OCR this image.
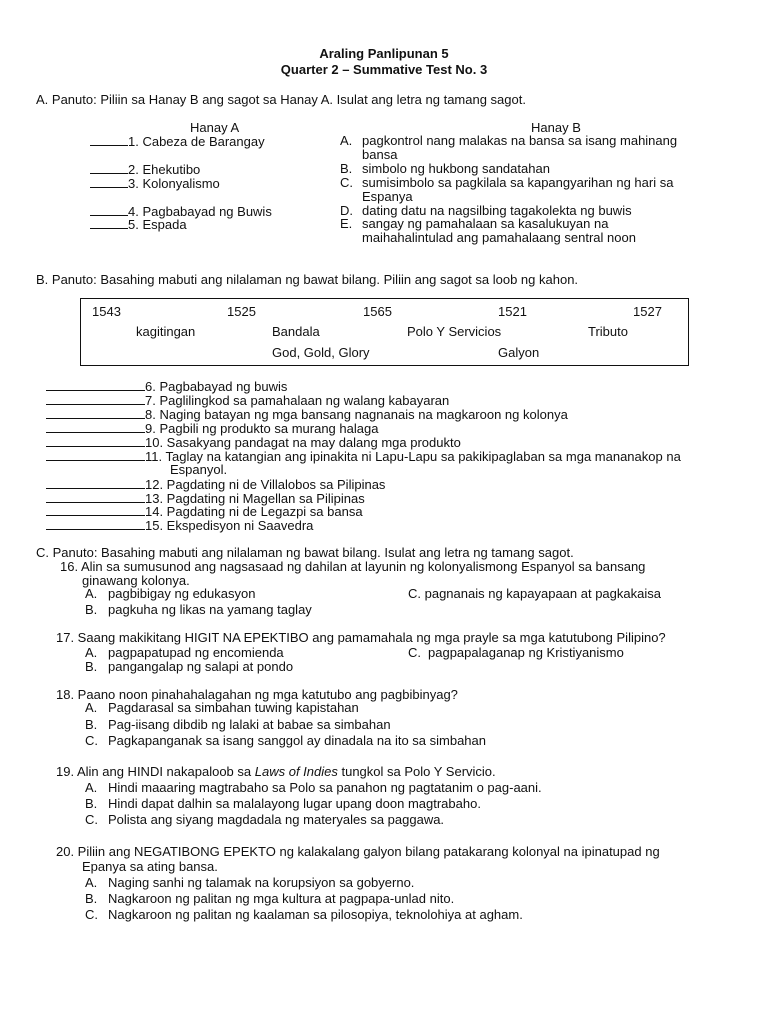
Araling Panlipunan 5
Quarter 2 – Summative Test No. 3
A. Panuto: Piliin sa Hanay B ang sagot sa Hanay A. Isulat ang letra ng tamang sagot.
Hanay A	Hanay B
1. Cabeza de Barangay
2. Ehekutibo
3. Kolonyalismo
4. Pagbabayad ng Buwis
5. Espada
A. pagkontrol nang malakas na bansa sa isang mahinang
bansa
B. simbolo ng hukbong sandatahan
C. sumisimbolo sa pagkilala sa kapangyarihan ng hari sa
Espanya
D. dating datu na nagsilbing tagakolekta ng buwis
E. sangay ng pamahalaan sa kasalukuyan na
maihahalintulad ang pamahalaang sentral noon
B. Panuto: Basahing mabuti ang nilalaman ng bawat bilang. Piliin ang sagot sa loob ng kahon.
1543	1525	1565	1521	1527
kagitingan	Bandala	Polo Y Servicios	Tributo
God, Gold, Glory	Galyon
6. Pagbabayad ng buwis
7. Paglilingkod sa pamahalaan ng walang kabayaran
8. Naging batayan ng mga bansang nagnanais na magkaroon ng kolonya
9. Pagbili ng produkto sa murang halaga
10. Sasakyang pandagat na may dalang mga produkto
11. Taglay na katangian ang ipinakita ni Lapu-Lapu sa pakikipaglaban sa mga mananakop na
Espanyol.
12. Pagdating ni de Villalobos sa Pilipinas
13. Pagdating ni Magellan sa Pilipinas
14. Pagdating ni de Legazpi sa bansa
15. Ekspedisyon ni Saavedra
C. Panuto: Basahing mabuti ang nilalaman ng bawat bilang. Isulat ang letra ng tamang sagot.
16. Alin sa sumusunod ang nagsasaad ng dahilan at layunin ng kolonyalismong Espanyol sa bansang
ginawang kolonya.
A. pagbibigay ng edukasyon	C. pagnanais ng kapayapaan at pagkakaisa
B. pagkuha ng likas na yamang taglay
17. Saang makikitang HIGIT NA EPEKTIBO ang pamamahala ng mga prayle sa mga katutubong Pilipino?
A. pagpapatupad ng encomienda	C. pagpapalaganap ng Kristiyanismo
B. pangangalap ng salapi at pondo
18. Paano noon pinahahalagahan ng mga katutubo ang pagbibinyag?
A. Pagdarasal sa simbahan tuwing kapistahan
B. Pag-iisang dibdib ng lalaki at babae sa simbahan
C. Pagkapanganak sa isang sanggol ay dinadala na ito sa simbahan
19. Alin ang HINDI nakapaloob sa Laws of Indies tungkol sa Polo Y Servicio.
A. Hindi maaaring magtrabaho sa Polo sa panahon ng pagtatanim o pag-aani.
B. Hindi dapat dalhin sa malalayong lugar upang doon magtrabaho.
C. Polista ang siyang magdadala ng materyales sa paggawa.
20. Piliin ang NEGATIBONG EPEKTO ng kalakalang galyon bilang patakarang kolonyal na ipinatupad ng
Epanya sa ating bansa.
A. Naging sanhi ng talamak na korupsiyon sa gobyerno.
B. Nagkaroon ng palitan ng mga kultura at pagpapa-unlad nito.
C. Nagkaroon ng palitan ng kaalaman sa pilosopiya, teknolohiya at agham.
